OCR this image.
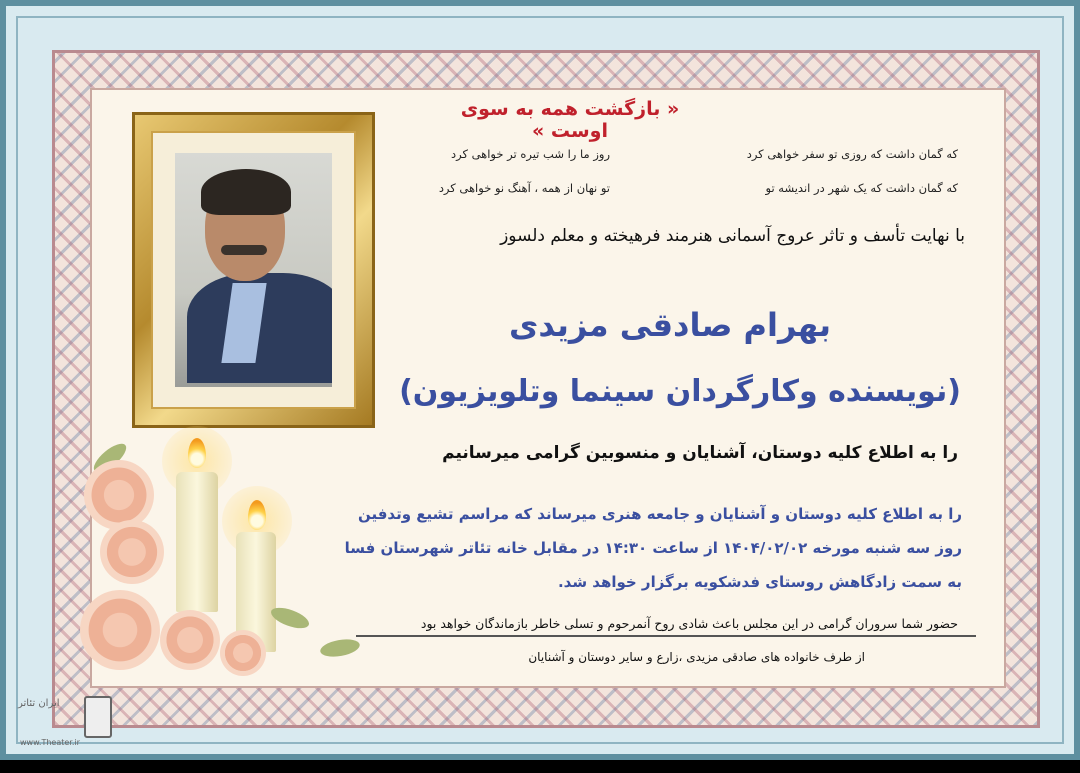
« بازگشت همه به سوی اوست »
که گمان داشت که روزی تو سفر خواهی کرد
روز ما را شب تیره تر خواهی کرد
که گمان داشت که یک شهر در اندیشه تو
تو نهان از همه ، آهنگ نو خواهی کرد
با نهایت تأسف و تاثر عروج آسمانی هنرمند فرهیخته و معلم دلسوز
بهرام صادقی مزیدی
(نویسنده وکارگردان سینما وتلویزیون)
را به اطلاع کلیه دوستان، آشنایان و منسوبین گرامی میرسانیم
را به اطلاع کلیه دوستان و آشنایان و جامعه هنری میرساند که مراسم تشیع وتدفین روز سه شنبه مورخه ۱۴۰۴/۰۲/۰۲ از ساعت ۱۴:۳۰ در مقابل خانه تئاتر شهرستان فسا به سمت زادگاهش روستای فدشکویه برگزار خواهد شد.
حضور شما سروران گرامی در این مجلس باعث شادی روح آنمرحوم و تسلی خاطر بازماندگان خواهد بود
از طرف خانواده های صادقی مزیدی ،زارع و سایر دوستان و آشنایان
ایران تئاتر
www.Theater.ir
